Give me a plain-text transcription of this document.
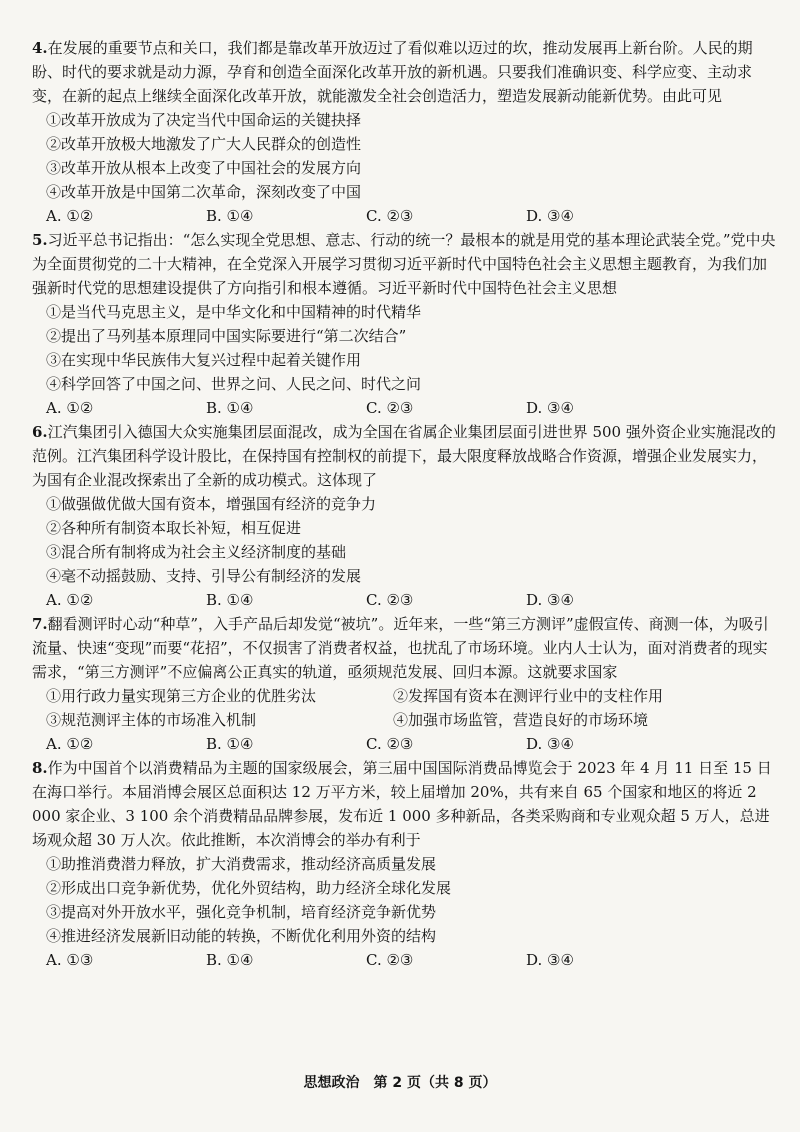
4.在发展的重要节点和关口，我们都是靠改革开放迈过了看似难以迈过的坎，推动发展再上新台阶。人民的期盼、时代的要求就是动力源，孕育和创造全面深化改革开放的新机遇。只要我们准确识变、科学应变、主动求变，在新的起点上继续全面深化改革开放，就能激发全社会创造活力，塑造发展新动能新优势。由此可见
①改革开放成为了决定当代中国命运的关键抉择
②改革开放极大地激发了广大人民群众的创造性
③改革开放从根本上改变了中国社会的发展方向
④改革开放是中国第二次革命，深刻改变了中国
A. ①②	B. ①④	C. ②③	D. ③④
5.习近平总书记指出：“怎么实现全党思想、意志、行动的统一？最根本的就是用党的基本理论武装全党。”党中央为全面贯彻党的二十大精神，在全党深入开展学习贯彻习近平新时代中国特色社会主义思想主题教育，为我们加强新时代党的思想建设提供了方向指引和根本遵循。习近平新时代中国特色社会主义思想
①是当代马克思主义，是中华文化和中国精神的时代精华
②提出了马列基本原理同中国实际要进行“第二次结合”
③在实现中华民族伟大复兴过程中起着关键作用
④科学回答了中国之问、世界之问、人民之问、时代之问
A. ①②	B. ①④	C. ②③	D. ③④
6.江汽集团引入德国大众实施集团层面混改，成为全国在省属企业集团层面引进世界 500 强外资企业实施混改的范例。江汽集团科学设计股比，在保持国有控制权的前提下，最大限度释放战略合作资源，增强企业发展实力，为国有企业混改探索出了全新的成功模式。这体现了
①做强做优做大国有资本，增强国有经济的竞争力
②各种所有制资本取长补短，相互促进
③混合所有制将成为社会主义经济制度的基础
④毫不动摇鼓励、支持、引导公有制经济的发展
A. ①②	B. ①④	C. ②③	D. ③④
7.翻看测评时心动“种草”，入手产品后却发觉“被坑”。近年来，一些“第三方测评”虚假宣传、商测一体，为吸引流量、快速“变现”而要“花招”，不仅损害了消费者权益，也扰乱了市场环境。业内人士认为，面对消费者的现实需求，“第三方测评”不应偏离公正真实的轨道，亟须规范发展、回归本源。这就要求国家
①用行政力量实现第三方企业的优胜劣汰	②发挥国有资本在测评行业中的支柱作用
③规范测评主体的市场准入机制	④加强市场监管，营造良好的市场环境
A. ①②	B. ①④	C. ②③	D. ③④
8.作为中国首个以消费精品为主题的国家级展会，第三届中国国际消费品博览会于 2023 年 4 月 11 日至 15 日在海口举行。本届消博会展区总面积达 12 万平方米，较上届增加 20%，共有来自 65 个国家和地区的将近 2 000 家企业、3 100 余个消费精品品牌参展，发布近 1 000 多种新品，各类采购商和专业观众超 5 万人，总进场观众超 30 万人次。依此推断，本次消博会的举办有利于
①助推消费潜力释放，扩大消费需求，推动经济高质量发展
②形成出口竞争新优势，优化外贸结构，助力经济全球化发展
③提高对外开放水平，强化竞争机制，培育经济竞争新优势
④推进经济发展新旧动能的转换，不断优化利用外资的结构
A. ①③	B. ①④	C. ②③	D. ③④
思想政治　第 2 页（共 8 页）
